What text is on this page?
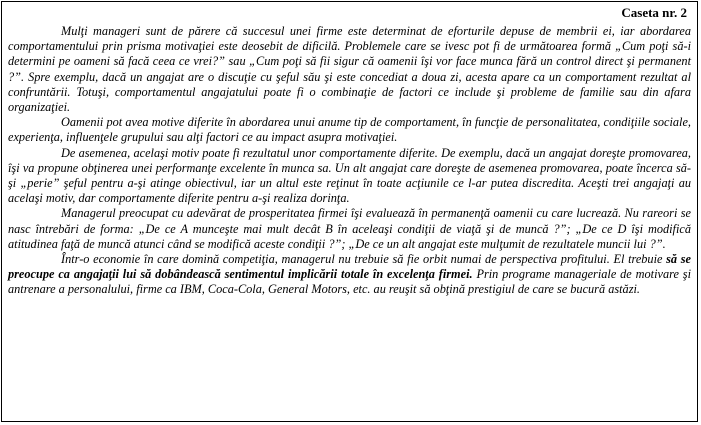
Caseta nr. 2

Mulţi manageri sunt de părere că succesul unei firme este determinat de eforturile depuse de membrii ei, iar abordarea comportamentului prin prisma motivaţiei este deosebit de dificilă. Problemele care se ivesc pot fi de următoarea formă „Cum poţi să-i determini pe oameni să facă ceea ce vrei?” sau „Cum poţi să fii sigur că oamenii îşi vor face munca fără un control direct şi permanent ?”. Spre exemplu, dacă un angajat are o discuţie cu şeful său şi este concediat a doua zi, acesta apare ca un comportament rezultat al confruntării. Totuşi, comportamentul angajatului poate fi o combinaţie de factori ce include şi probleme de familie sau din afara organizaţiei.

Oamenii pot avea motive diferite în abordarea unui anume tip de comportament, în funcţie de personalitatea, condiţiile sociale, experienţa, influenţele grupului sau alţi factori ce au impact asupra motivaţiei.

De asemenea, acelaşi motiv poate fi rezultatul unor comportamente diferite. De exemplu, dacă un angajat doreşte promovarea, îşi va propune obţinerea unei performanţe excelente în munca sa. Un alt angajat care doreşte de asemenea promovarea, poate încerca să-şi „perie” şeful pentru a-şi atinge obiectivul, iar un altul este reţinut în toate acţiunile ce l-ar putea discredita. Aceşti trei angajaţi au acelaşi motiv, dar comportamente diferite pentru a-şi realiza dorinţa.

Managerul preocupat cu adevărat de prosperitatea firmei îşi evaluează în permanenţă oamenii cu care lucrează. Nu rareori se nasc întrebări de forma: „De ce A munceşte mai mult decât B în aceleaşi condiţii de viaţă şi de muncă ?”; „De ce D îşi modifică atitudinea faţă de muncă atunci când se modifică aceste condiţii ?”; „De ce un alt angajat este mulţumit de rezultatele muncii lui ?”.

Într-o economie în care domină competiţia, managerul nu trebuie să fie orbit numai de perspectiva profitului. El trebuie să se preocupe ca angajaţii lui să dobândească sentimentul implicării totale în excelenţa firmei. Prin programe manageriale de motivare şi antrenare a personalului, firme ca IBM, Coca-Cola, General Motors, etc. au reuşit să obţină prestigiul de care se bucură astăzi.
